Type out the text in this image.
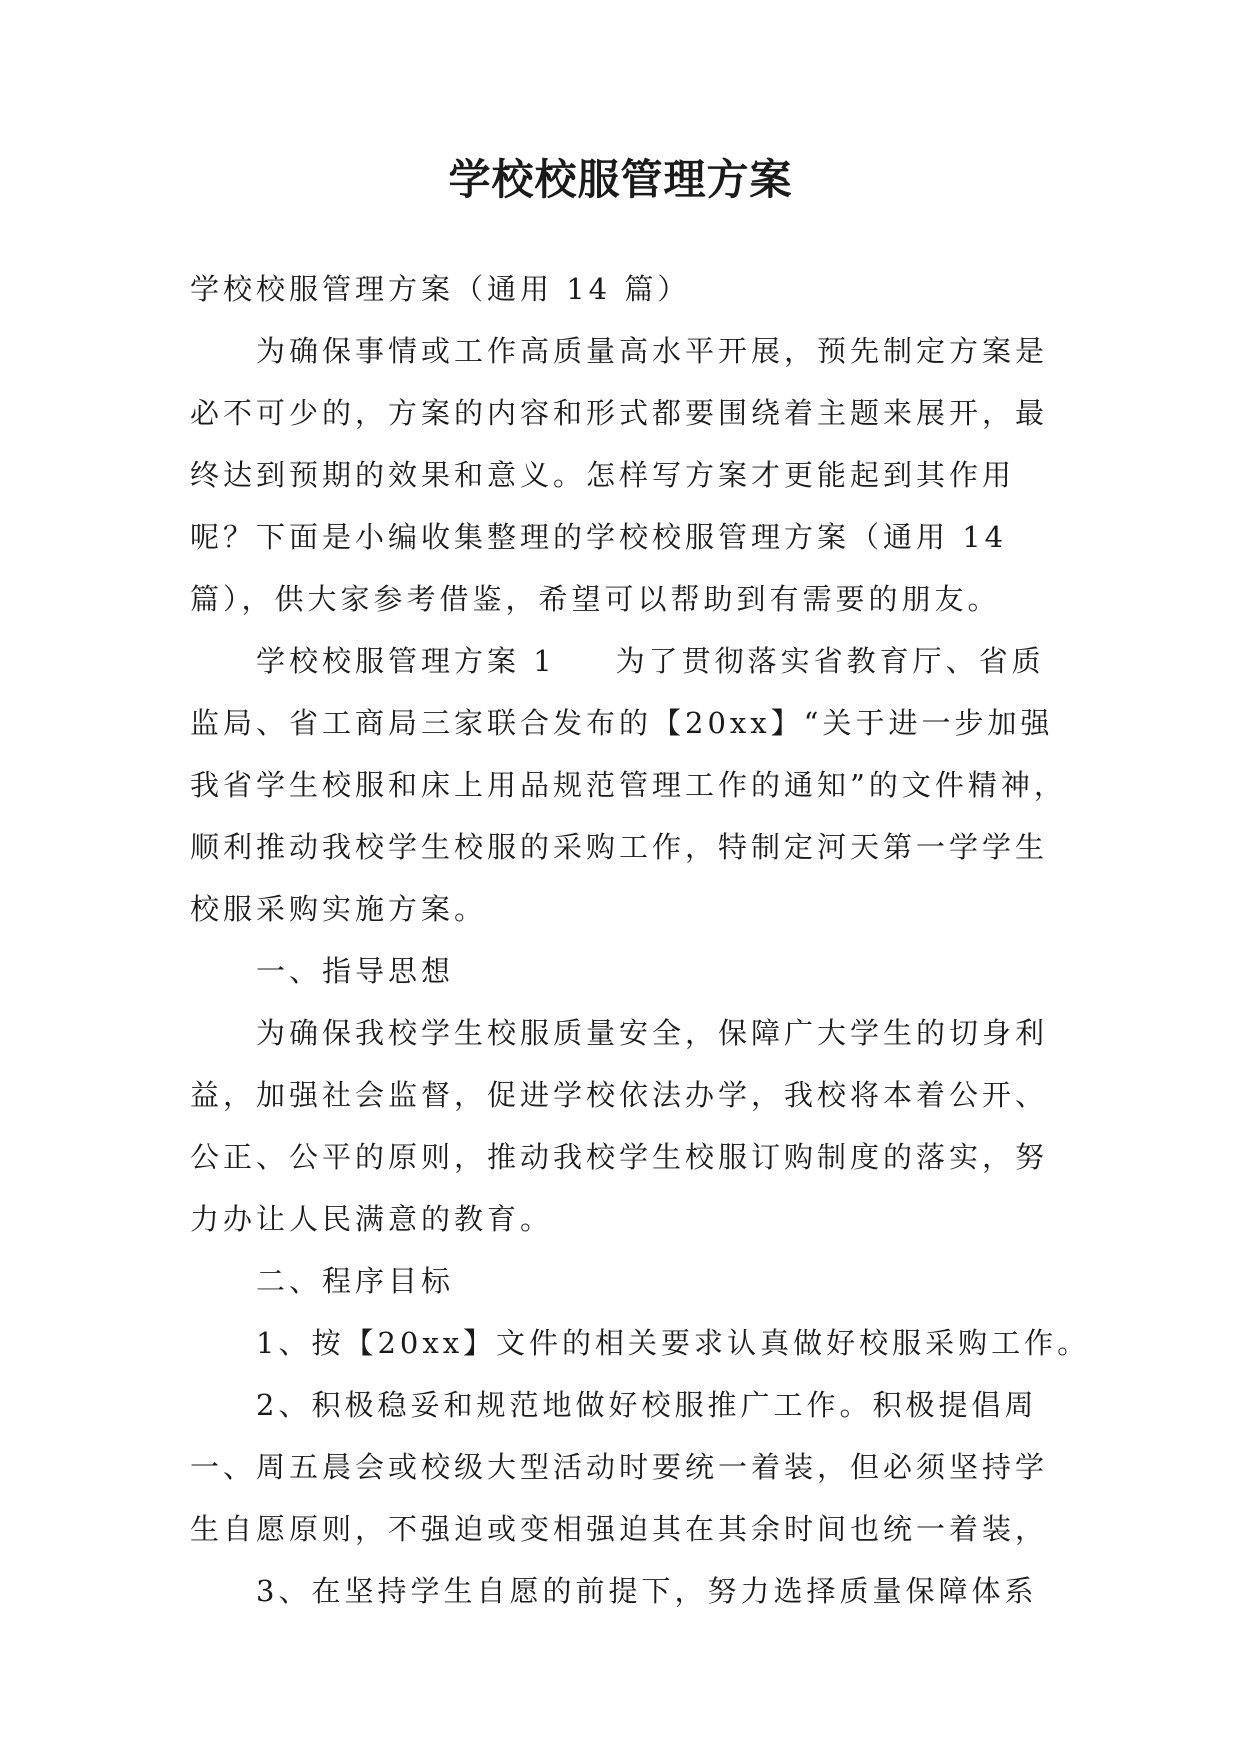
学校校服管理方案

学校校服管理方案（通用 14 篇）

为确保事情或工作高质量高水平开展，预先制定方案是

必不可少的，方案的内容和形式都要围绕着主题来展开，最

终达到预期的效果和意义。怎样写方案才更能起到其作用

呢？下面是小编收集整理的学校校服管理方案（通用 14

篇），供大家参考借鉴，希望可以帮助到有需要的朋友。

学校校服管理方案 1 为了贯彻落实省教育厅、省质

监局、省工商局三家联合发布的【20xx】“关于进一步加强

我省学生校服和床上用品规范管理工作的通知”的文件精神，

顺利推动我校学生校服的采购工作，特制定河天第一学学生

校服采购实施方案。

一、指导思想

为确保我校学生校服质量安全，保障广大学生的切身利

益，加强社会监督，促进学校依法办学，我校将本着公开、

公正、公平的原则，推动我校学生校服订购制度的落实，努

力办让人民满意的教育。

二、程序目标

1、按【20xx】文件的相关要求认真做好校服采购工作。

2、积极稳妥和规范地做好校服推广工作。积极提倡周

一、周五晨会或校级大型活动时要统一着装，但必须坚持学

生自愿原则，不强迫或变相强迫其在其余时间也统一着装，

3、在坚持学生自愿的前提下，努力选择质量保障体系
